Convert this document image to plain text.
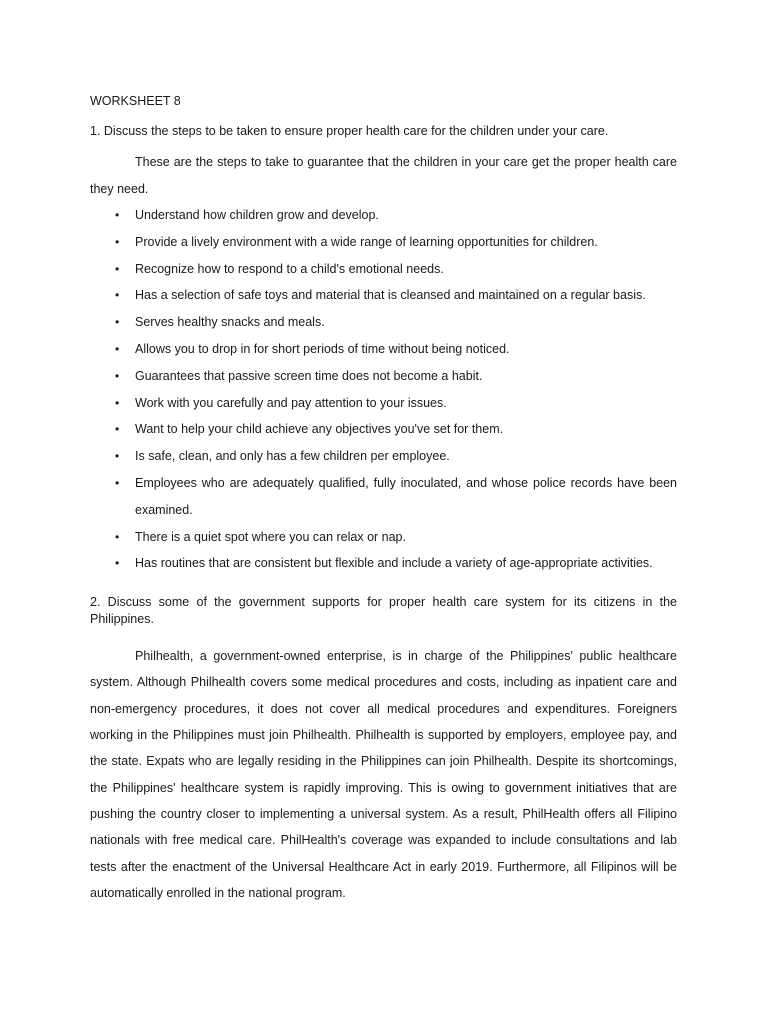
WORKSHEET 8

1. Discuss the steps to be taken to ensure proper health care for the children under your care.

These are the steps to take to guarantee that the children in your care get the proper health care they need.

• Understand how children grow and develop.
• Provide a lively environment with a wide range of learning opportunities for children.
• Recognize how to respond to a child's emotional needs.
• Has a selection of safe toys and material that is cleansed and maintained on a regular basis.
• Serves healthy snacks and meals.
• Allows you to drop in for short periods of time without being noticed.
• Guarantees that passive screen time does not become a habit.
• Work with you carefully and pay attention to your issues.
• Want to help your child achieve any objectives you've set for them.
• Is safe, clean, and only has a few children per employee.
• Employees who are adequately qualified, fully inoculated, and whose police records have been examined.
• There is a quiet spot where you can relax or nap.
• Has routines that are consistent but flexible and include a variety of age-appropriate activities.

2. Discuss some of the government supports for proper health care system for its citizens in the Philippines.

Philhealth, a government-owned enterprise, is in charge of the Philippines' public healthcare system. Although Philhealth covers some medical procedures and costs, including as inpatient care and non-emergency procedures, it does not cover all medical procedures and expenditures. Foreigners working in the Philippines must join Philhealth. Philhealth is supported by employers, employee pay, and the state. Expats who are legally residing in the Philippines can join Philhealth. Despite its shortcomings, the Philippines' healthcare system is rapidly improving. This is owing to government initiatives that are pushing the country closer to implementing a universal system. As a result, PhilHealth offers all Filipino nationals with free medical care. PhilHealth's coverage was expanded to include consultations and lab tests after the enactment of the Universal Healthcare Act in early 2019. Furthermore, all Filipinos will be automatically enrolled in the national program.
